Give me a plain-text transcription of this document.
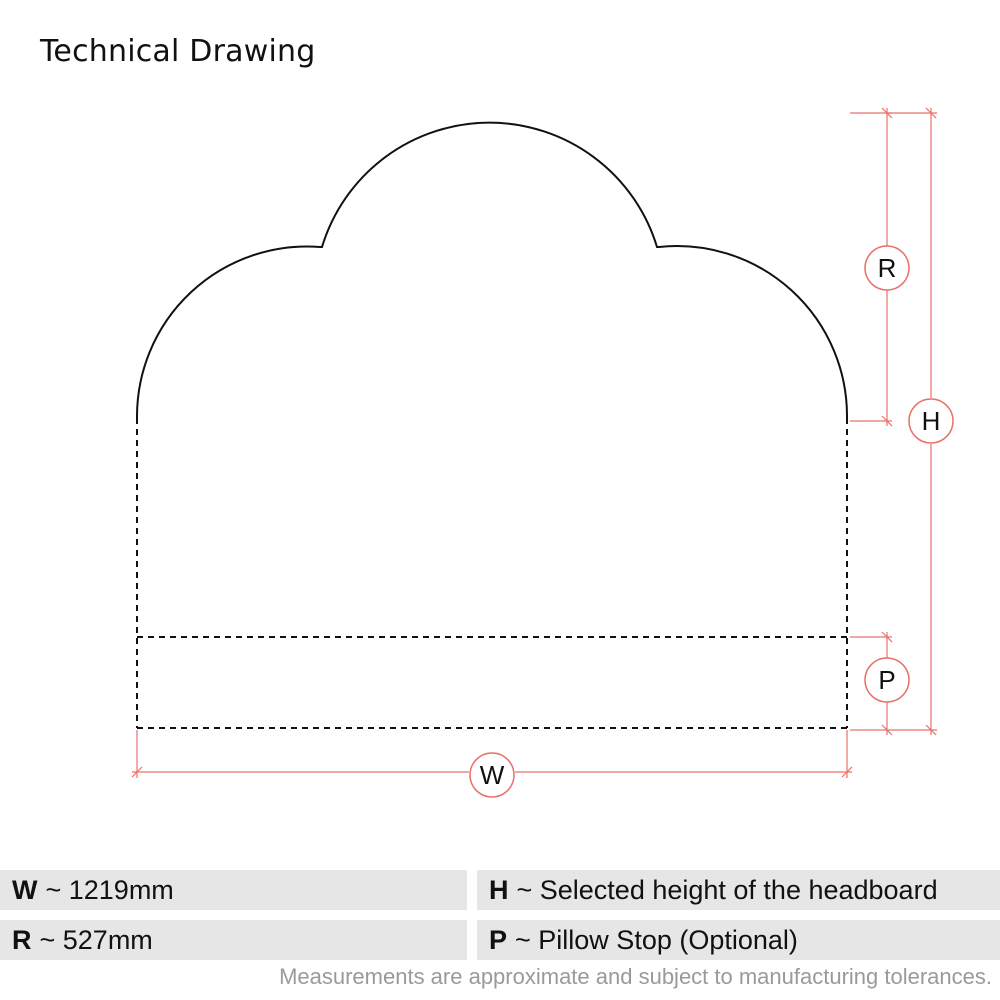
Technical Drawing
R
H
P
W
W ~ 1219mm	H ~ Selected height of the headboard
R ~ 527mm	P ~ Pillow Stop (Optional)
Measurements are approximate and subject to manufacturing tolerances.
